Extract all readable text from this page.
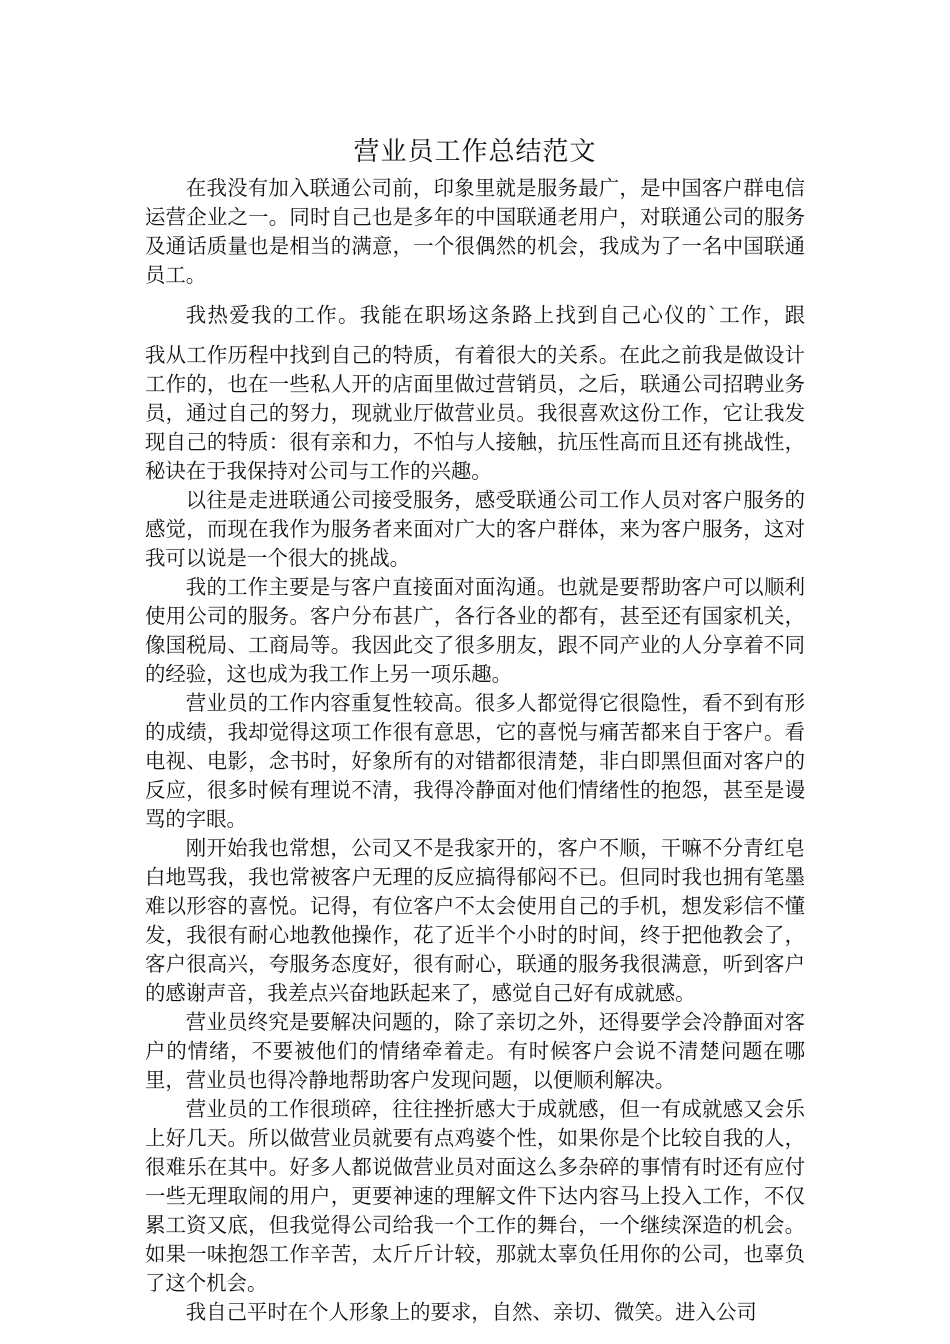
营业员工作总结范文

在我没有加入联通公司前，印象里就是服务最广，是中国客户群电信运营企业之一。同时自己也是多年的中国联通老用户，对联通公司的服务及通话质量也是相当的满意，一个很偶然的机会，我成为了一名中国联通员工。

我热爱我的工作。我能在职场这条路上找到自己心仪的`工作，跟

我从工作历程中找到自己的特质，有着很大的关系。在此之前我是做设计工作的，也在一些私人开的店面里做过营销员，之后，联通公司招聘业务员，通过自己的努力，现就业厅做营业员。我很喜欢这份工作，它让我发现自己的特质：很有亲和力，不怕与人接触，抗压性高而且还有挑战性，秘诀在于我保持对公司与工作的兴趣。

以往是走进联通公司接受服务，感受联通公司工作人员对客户服务的感觉，而现在我作为服务者来面对广大的客户群体，来为客户服务，这对我可以说是一个很大的挑战。

我的工作主要是与客户直接面对面沟通。也就是要帮助客户可以顺利使用公司的服务。客户分布甚广，各行各业的都有，甚至还有国家机关，像国税局、工商局等。我因此交了很多朋友，跟不同产业的人分享着不同的经验，这也成为我工作上另一项乐趣。

营业员的工作内容重复性较高。很多人都觉得它很隐性，看不到有形的成绩，我却觉得这项工作很有意思，它的喜悦与痛苦都来自于客户。看电视、电影，念书时，好象所有的对错都很清楚，非白即黑但面对客户的反应，很多时候有理说不清，我得冷静面对他们情绪性的抱怨，甚至是谩骂的字眼。

刚开始我也常想，公司又不是我家开的，客户不顺，干嘛不分青红皂白地骂我，我也常被客户无理的反应搞得郁闷不已。但同时我也拥有笔墨难以形容的喜悦。记得，有位客户不太会使用自己的手机，想发彩信不懂发，我很有耐心地教他操作，花了近半个小时的时间，终于把他教会了，客户很高兴，夸服务态度好，很有耐心，联通的服务我很满意，听到客户的感谢声音，我差点兴奋地跃起来了，感觉自己好有成就感。

营业员终究是要解决问题的，除了亲切之外，还得要学会冷静面对客户的情绪，不要被他们的情绪牵着走。有时候客户会说不清楚问题在哪里，营业员也得冷静地帮助客户发现问题，以便顺利解决。

营业员的工作很琐碎，往往挫折感大于成就感，但一有成就感又会乐上好几天。所以做营业员就要有点鸡婆个性，如果你是个比较自我的人，很难乐在其中。好多人都说做营业员对面这么多杂碎的事情有时还有应付一些无理取闹的用户，更要神速的理解文件下达内容马上投入工作，不仅累工资又底，但我觉得公司给我一个工作的舞台，一个继续深造的机会。如果一味抱怨工作辛苦，太斤斤计较，那就太辜负任用你的公司，也辜负了这个机会。

我自己平时在个人形象上的要求，自然、亲切、微笑。进入公司
